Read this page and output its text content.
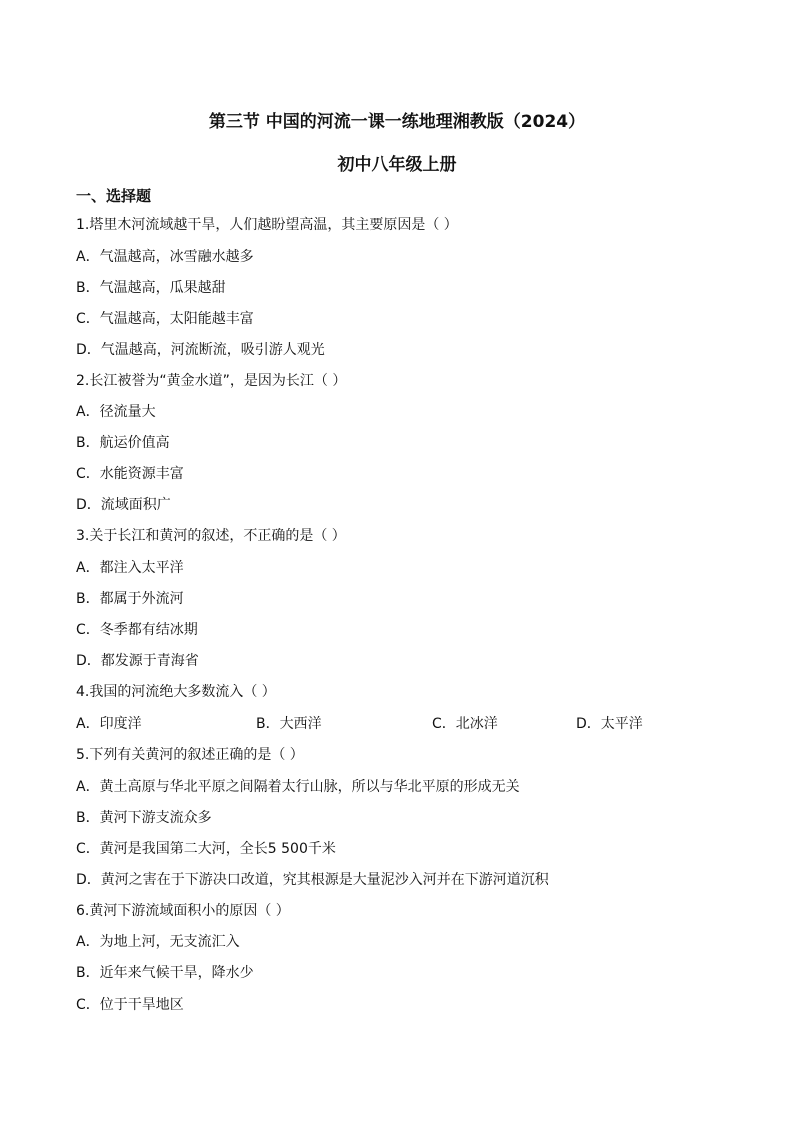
第三节 中国的河流一课一练地理湘教版（2024）
初中八年级上册
一、选择题
1.塔里木河流域越干旱，人们越盼望高温，其主要原因是（ ）
A．气温越高，冰雪融水越多
B．气温越高，瓜果越甜
C．气温越高，太阳能越丰富
D．气温越高，河流断流，吸引游人观光
2.长江被誉为“黄金水道”，是因为长江（ ）
A．径流量大
B．航运价值高
C．水能资源丰富
D．流域面积广
3.关于长江和黄河的叙述，不正确的是（ ）
A．都注入太平洋
B．都属于外流河
C．冬季都有结冰期
D．都发源于青海省
4.我国的河流绝大多数流入（ ）
A．印度洋	B．大西洋	C．北冰洋	D．太平洋
5.下列有关黄河的叙述正确的是（ ）
A．黄土高原与华北平原之间隔着太行山脉，所以与华北平原的形成无关
B．黄河下游支流众多
C．黄河是我国第二大河，全长5 500千米
D．黄河之害在于下游决口改道，究其根源是大量泥沙入河并在下游河道沉积
6.黄河下游流域面积小的原因（ ）
A．为地上河，无支流汇入
B．近年来气候干旱，降水少
C．位于干旱地区
